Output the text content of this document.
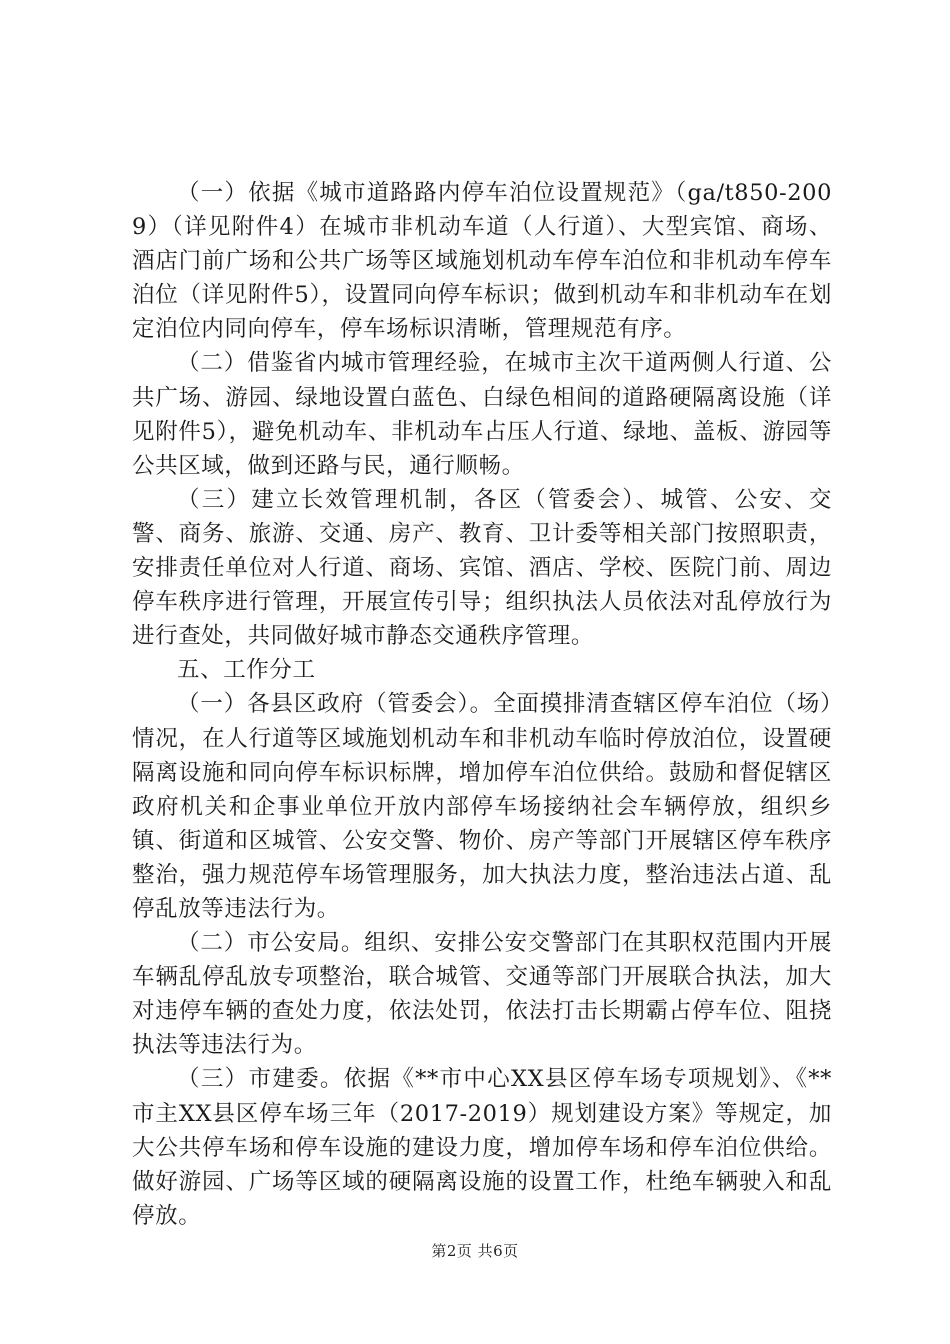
（一）依据《城市道路路内停车泊位设置规范》（ga/t850-2009）（详见附件4）在城市非机动车道（人行道）、大型宾馆、商场、酒店门前广场和公共广场等区域施划机动车停车泊位和非机动车停车泊位（详见附件5），设置同向停车标识；做到机动车和非机动车在划定泊位内同向停车，停车场标识清晰，管理规范有序。

（二）借鉴省内城市管理经验，在城市主次干道两侧人行道、公共广场、游园、绿地设置白蓝色、白绿色相间的道路硬隔离设施（详见附件5），避免机动车、非机动车占压人行道、绿地、盖板、游园等公共区域，做到还路与民，通行顺畅。

（三）建立长效管理机制，各区（管委会）、城管、公安、交警、商务、旅游、交通、房产、教育、卫计委等相关部门按照职责，安排责任单位对人行道、商场、宾馆、酒店、学校、医院门前、周边停车秩序进行管理，开展宣传引导；组织执法人员依法对乱停放行为进行查处，共同做好城市静态交通秩序管理。

五、工作分工

（一）各县区政府（管委会）。全面摸排清查辖区停车泊位（场）情况，在人行道等区域施划机动车和非机动车临时停放泊位，设置硬隔离设施和同向停车标识标牌，增加停车泊位供给。鼓励和督促辖区政府机关和企事业单位开放内部停车场接纳社会车辆停放，组织乡镇、街道和区城管、公安交警、物价、房产等部门开展辖区停车秩序整治，强力规范停车场管理服务，加大执法力度，整治违法占道、乱停乱放等违法行为。

（二）市公安局。组织、安排公安交警部门在其职权范围内开展车辆乱停乱放专项整治，联合城管、交通等部门开展联合执法，加大对违停车辆的查处力度，依法处罚，依法打击长期霸占停车位、阻挠执法等违法行为。

（三）市建委。依据《**市中心XX县区停车场专项规划》、《**市主XX县区停车场三年（2017-2019）规划建设方案》等规定，加大公共停车场和停车设施的建设力度，增加停车场和停车泊位供给。做好游园、广场等区域的硬隔离设施的设置工作，杜绝车辆驶入和乱停放。

第2页 共6页
